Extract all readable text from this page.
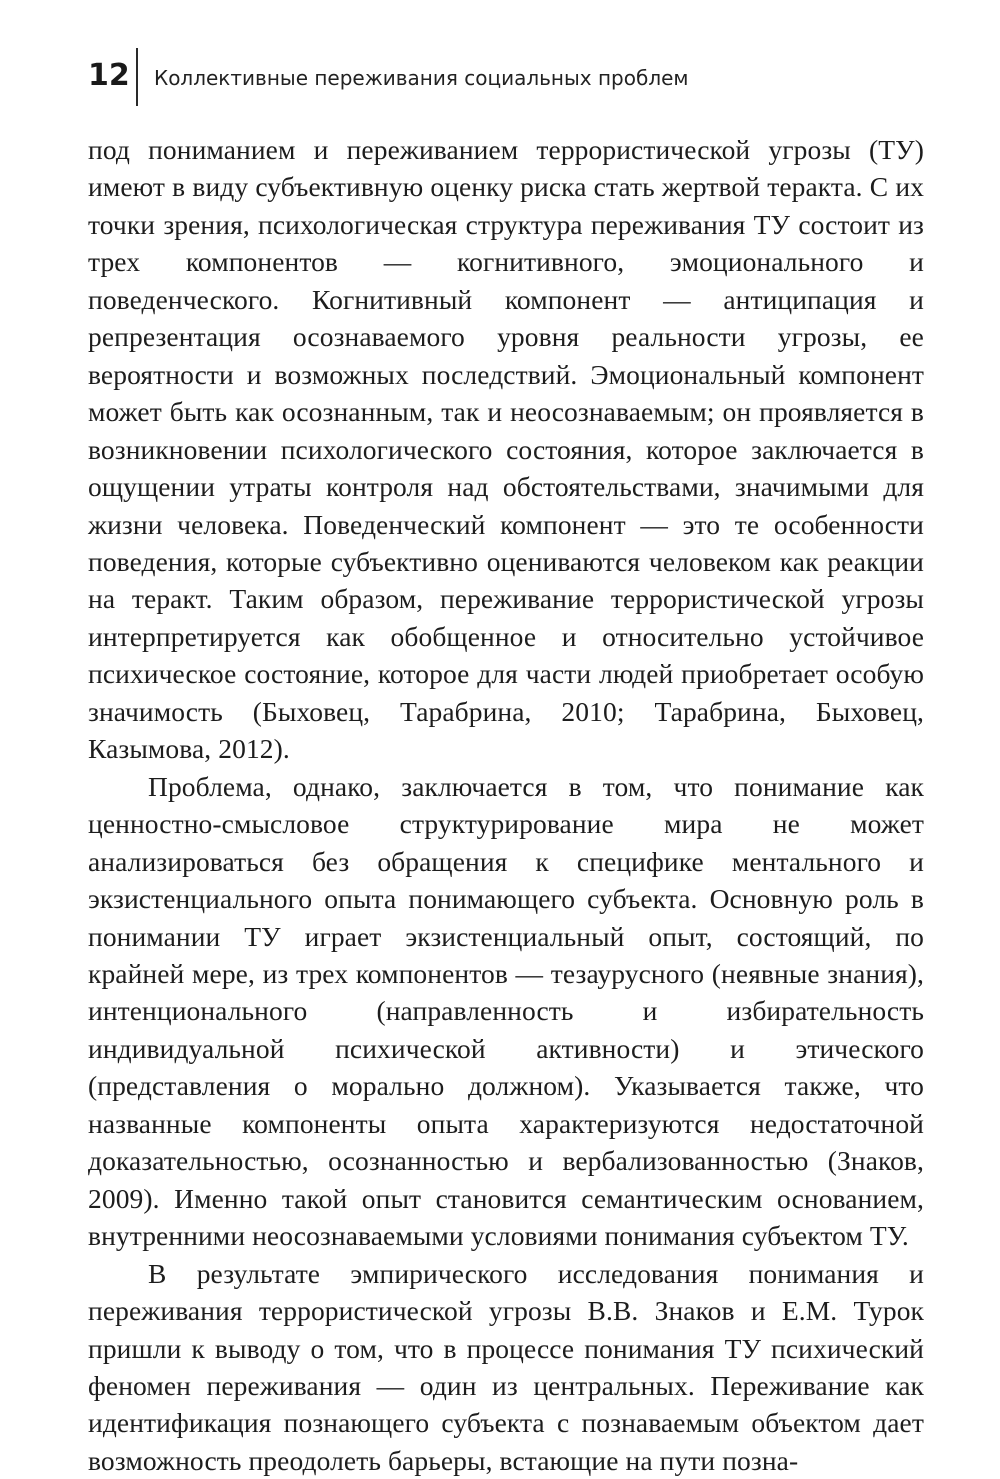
12 Коллективные переживания социальных проблем

под пониманием и переживанием террористической угрозы (ТУ) имеют в виду субъективную оценку риска стать жертвой теракта. С их точки зрения, психологическая структура переживания ТУ состоит из трех компонентов — когнитивного, эмоционального и поведенческого. Когнитивный компонент — антиципация и репрезентация осознаваемого уровня реальности угрозы, ее вероятности и возможных последствий. Эмоциональный компонент может быть как осознанным, так и неосознаваемым; он проявляется в возникновении психологического состояния, которое заключается в ощущении утраты контроля над обстоятельствами, значимыми для жизни человека. Поведенческий компонент — это те особенности поведения, которые субъективно оцениваются человеком как реакции на теракт. Таким образом, переживание террористической угрозы интерпретируется как обобщенное и относительно устойчивое психическое состояние, которое для части людей приобретает особую значимость (Быховец, Тарабрина, 2010; Тарабрина, Быховец, Казымова, 2012).

Проблема, однако, заключается в том, что понимание как ценностно-смысловое структурирование мира не может анализироваться без обращения к специфике ментального и экзистенциального опыта понимающего субъекта. Основную роль в понимании ТУ играет экзистенциальный опыт, состоящий, по крайней мере, из трех компонентов — тезаурусного (неявные знания), интенционального (направленность и избирательность индивидуальной психической активности) и этического (представления о морально должном). Указывается также, что названные компоненты опыта характеризуются недостаточной доказательностью, осознанностью и вербализованностью (Знаков, 2009). Именно такой опыт становится семантическим основанием, внутренними неосознаваемыми условиями понимания субъектом ТУ.

В результате эмпирического исследования понимания и переживания террористической угрозы В.В. Знаков и Е.М. Турок пришли к выводу о том, что в процессе понимания ТУ психический феномен переживания — один из центральных. Переживание как идентификация познающего субъекта с познаваемым объектом дает возможность преодолеть барьеры, встающие на пути позна-
